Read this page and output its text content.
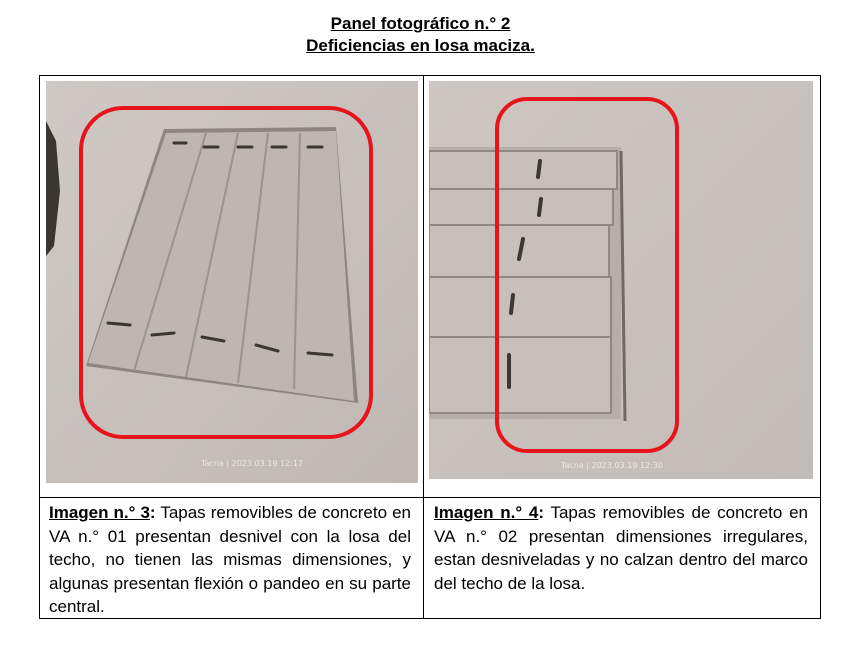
Panel fotográfico n.° 2
Deficiencias en losa maciza.
Tacna | 2023.03.19 12:17	Tacna | 2023.03.19 12:30
Imagen n.° 3: Tapas removibles de concreto en VA n.° 01 presentan desnivel con la losa del techo, no tienen las mismas dimensiones, y algunas presentan flexión o pandeo en su parte central.
Imagen n.° 4: Tapas removibles de concreto en VA n.° 02 presentan dimensiones irregulares, estan desniveladas y no calzan dentro del marco del techo de la losa.
